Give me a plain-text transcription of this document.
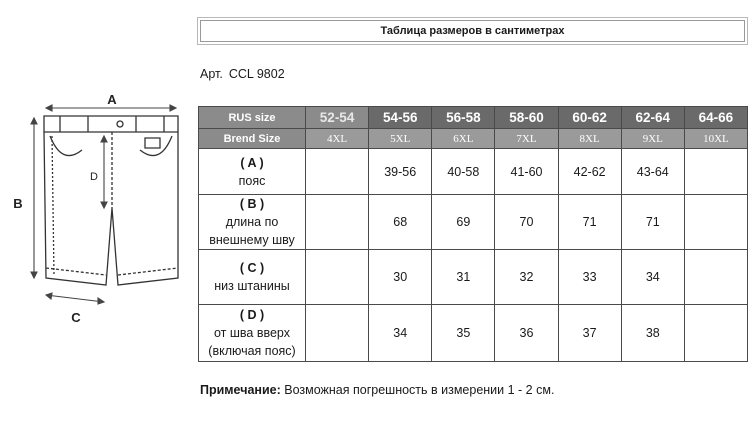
Таблица размеров в сантиметрах
Арт. CCL 9802
A
B
C
D
RUS size	52-54	54-56	56-58	58-60	60-62	62-64	64-66
Brend Size	4XL	5XL	6XL	7XL	8XL	9XL	10XL

( A )
пояс		39-56	40-58	41-60	42-62	43-64	

( B )
длина по внешнему шву		68	69	70	71	71	

( C )
низ штанины		30	31	32	33	34	

( D )
от шва вверх (включая пояс)		34	35	36	37	38	
Примечание: Возможная погрешность в измерении 1 - 2 см.
